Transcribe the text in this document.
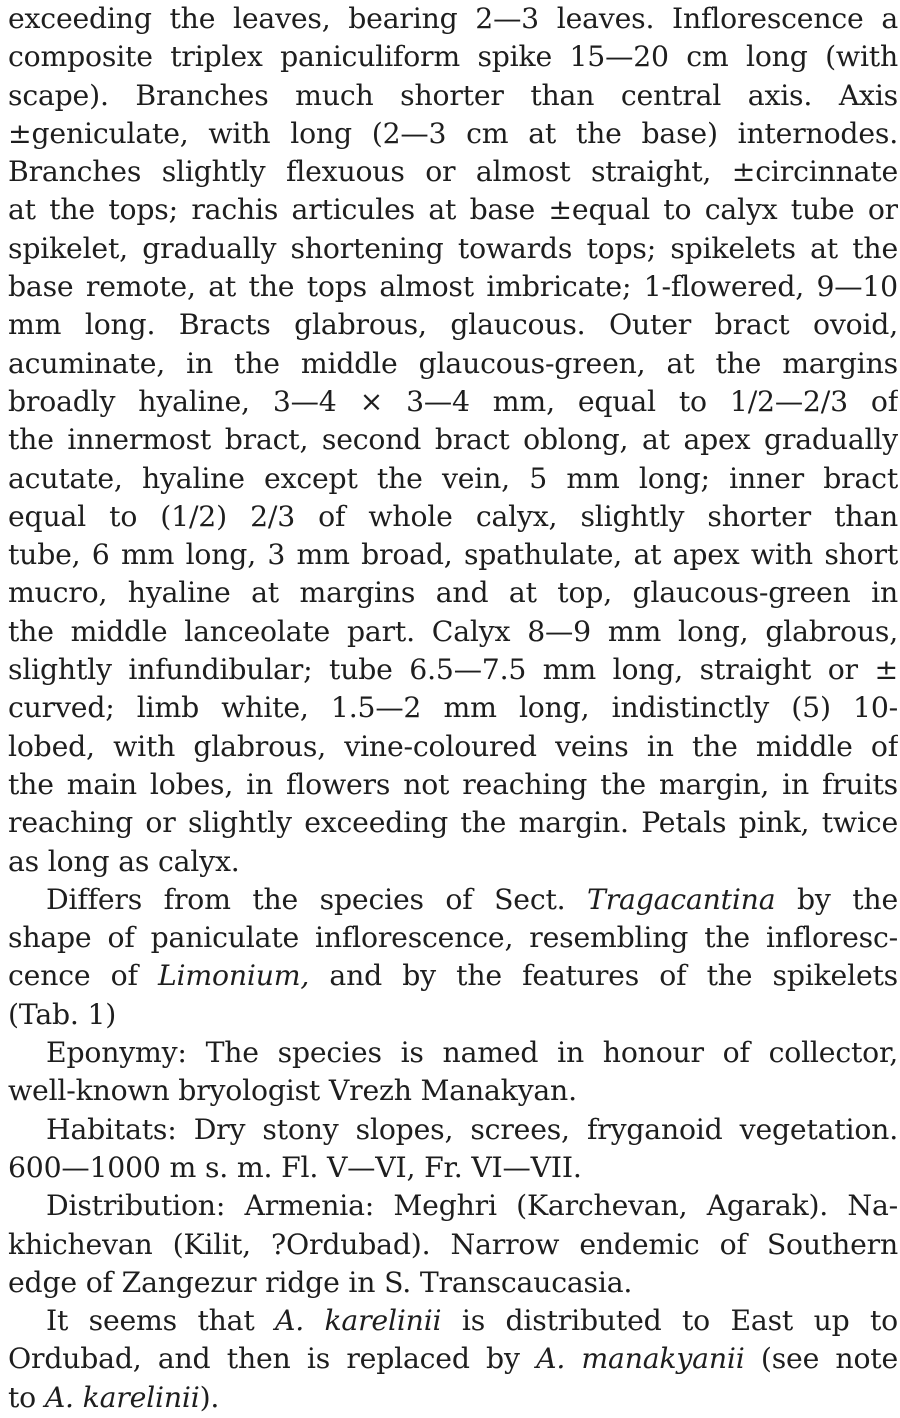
exceeding the leaves, bearing 2—3 leaves. Inflorescence a
composite triplex paniculiform spike 15—20 cm long (with
scape). Branches much shorter than central axis. Axis
±geniculate, with long (2—3 cm at the base) internodes.
Branches slightly flexuous or almost straight, ±circinnate
at the tops; rachis articules at base ±equal to calyx tube or
spikelet, gradually shortening towards tops; spikelets at the
base remote, at the tops almost imbricate; 1-flowered, 9—10
mm long. Bracts glabrous, glaucous. Outer bract ovoid,
acuminate, in the middle glaucous-green, at the margins
broadly hyaline, 3—4 × 3—4 mm, equal to 1/2—2/3 of
the innermost bract, second bract oblong, at apex gradually
acutate, hyaline except the vein, 5 mm long; inner bract
equal to (1/2) 2/3 of whole calyx, slightly shorter than
tube, 6 mm long, 3 mm broad, spathulate, at apex with short
mucro, hyaline at margins and at top, glaucous-green in
the middle lanceolate part. Calyx 8—9 mm long, glabrous,
slightly infundibular; tube 6.5—7.5 mm long, straight or ±
curved; limb white, 1.5—2 mm long, indistinctly (5) 10-
lobed, with glabrous, vine-coloured veins in the middle of
the main lobes, in flowers not reaching the margin, in fruits
reaching or slightly exceeding the margin. Petals pink, twice
as long as calyx.
Differs from the species of Sect. Tragacantina by the
shape of paniculate inflorescence, resembling the infloresc-
cence of Limonium, and by the features of the spikelets
(Tab. 1)
Eponymy: The species is named in honour of collector,
well-known bryologist Vrezh Manakyan.
Habitats: Dry stony slopes, screes, fryganoid vegetation.
600—1000 m s. m. Fl. V—VI, Fr. VI—VII.
Distribution: Armenia: Meghri (Karchevan, Agarak). Na-
khichevan (Kilit, ?Ordubad). Narrow endemic of Southern
edge of Zangezur ridge in S. Transcaucasia.
It seems that A. karelinii is distributed to East up to
Ordubad, and then is replaced by A. manakyanii (see note
to A. karelinii).
